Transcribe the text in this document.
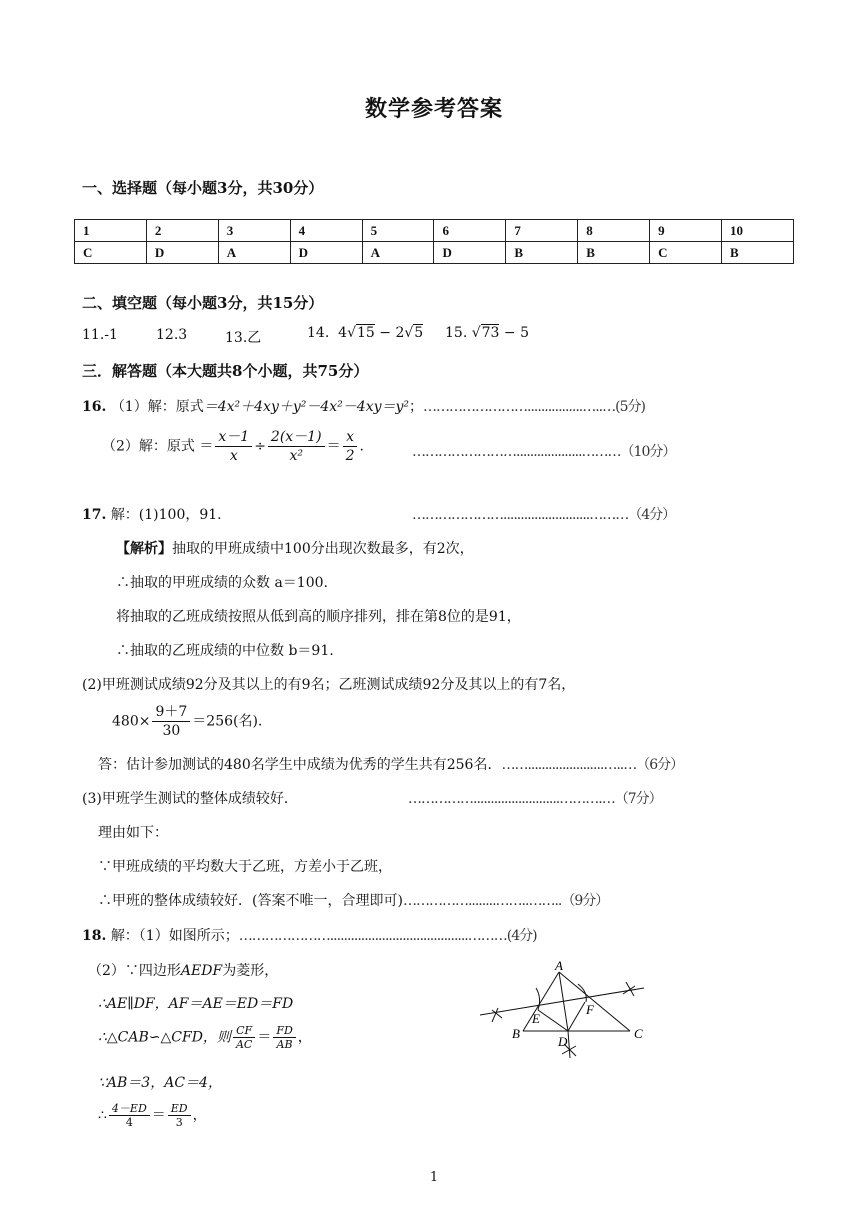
数学参考答案
一、选择题（每小题3分，共30分）
1	2	3	4	5	6	7	8	9	10
C	D	A	D	A	D	B	B	C	B
二、填空题（每小题3分，共15分）
11.-1	12.3	13.乙	14.  4√15 − 2√5 15. √73 − 5
三．解答题（本大题共8个小题，共75分）
16. （1）解：原式＝4x²＋4xy＋y²－4x²－4xy＝y²；……………………................…..…(5分)
（2）解：原式 ＝ $\frac{x-1}{x} \div \frac{2(x-1)}{\text{x²}} = \frac{x}{2}$ .	……………………...................………（10分）
17. 解：(1)100，91.	………………….........................………（4分）
【解析】抽取的甲班成绩中100分出现次数最多，有2次，
∴抽取的甲班成绩的众数 a＝100.
将抽取的乙班成绩按照从低到高的顺序排列，排在第8位的是91，
∴抽取的乙班成绩的中位数 b＝91.
(2)甲班测试成绩92分及其以上的有9名；乙班测试成绩92分及其以上的有7名，
$480\times \frac{9+7}{30} =256$(名).
答：估计参加测试的480名学生中成绩为优秀的学生共有256名．……......................…..…（6分）
(3)甲班学生测试的整体成绩较好．	…………….........................……….…（7分）
理由如下：
∵甲班成绩的平均数大于乙班，方差小于乙班，
∴甲班的整体成绩较好．(答案不唯一，合理即可)……………........……..……..（9分）
18. 解：（1）如图所示；…………………........................................………(4分)
（2）∵四边形AEDF为菱形，
∴AE∥DF，AF＝AE＝ED＝FD
∴△CAB∽△CFD，则 $\frac{CF}{AC} = \frac{FD}{AB}$ ，
∵AB＝3，AC＝4，
∴ $\frac{4-ED}{4} = \frac{ED}{3}$ ，
A
B	C
D
E
F
1
